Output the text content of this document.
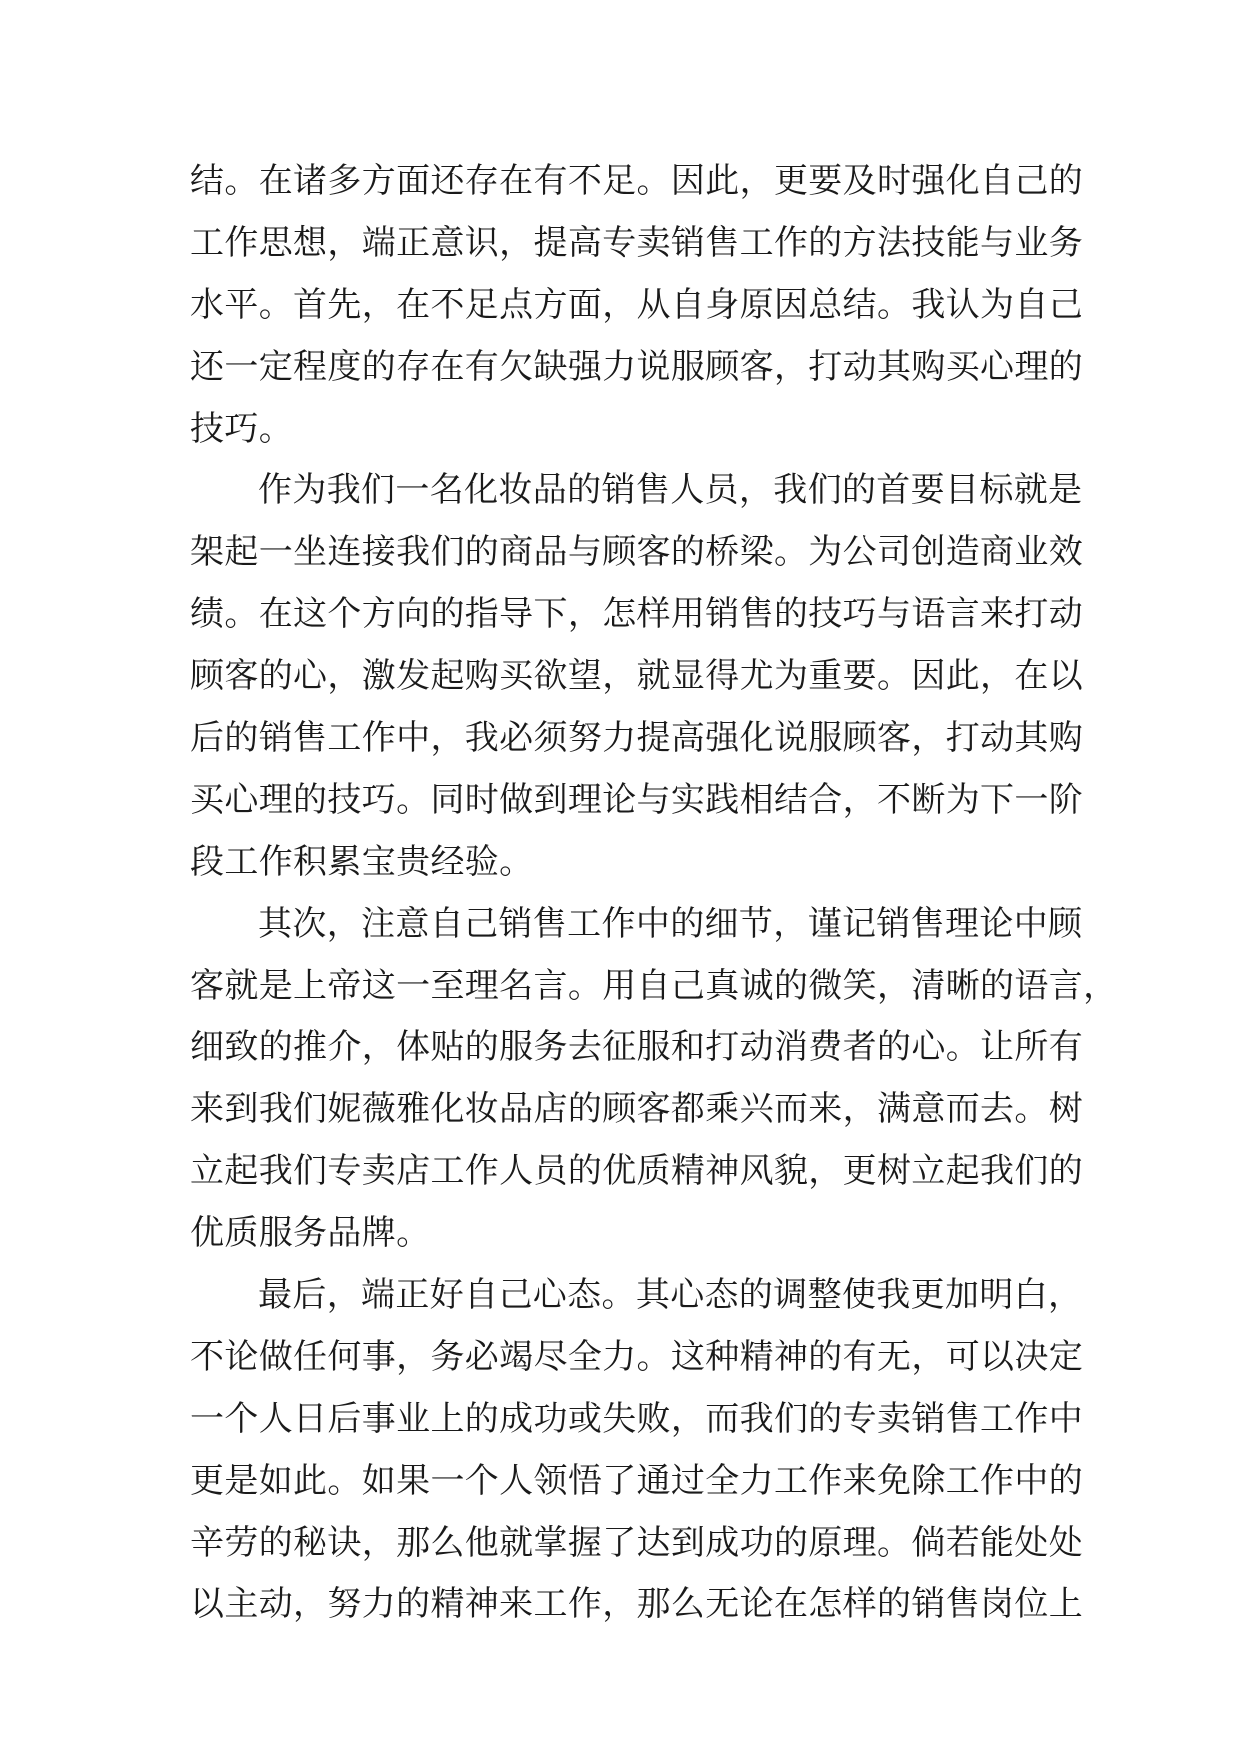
结。在诸多方面还存在有不足。因此，更要及时强化自己的
工作思想，端正意识，提高专卖销售工作的方法技能与业务
水平。首先，在不足点方面，从自身原因总结。我认为自己
还一定程度的存在有欠缺强力说服顾客，打动其购买心理的
技巧。
作为我们一名化妆品的销售人员，我们的首要目标就是
架起一坐连接我们的商品与顾客的桥梁。为公司创造商业效
绩。在这个方向的指导下，怎样用销售的技巧与语言来打动
顾客的心，激发起购买欲望，就显得尤为重要。因此，在以
后的销售工作中，我必须努力提高强化说服顾客，打动其购
买心理的技巧。同时做到理论与实践相结合，不断为下一阶
段工作积累宝贵经验。
其次，注意自己销售工作中的细节，谨记销售理论中顾
客就是上帝这一至理名言。用自己真诚的微笑，清晰的语言，
细致的推介，体贴的服务去征服和打动消费者的心。让所有
来到我们妮薇雅化妆品店的顾客都乘兴而来，满意而去。树
立起我们专卖店工作人员的优质精神风貌，更树立起我们的
优质服务品牌。
最后，端正好自己心态。其心态的调整使我更加明白，
不论做任何事，务必竭尽全力。这种精神的有无，可以决定
一个人日后事业上的成功或失败，而我们的专卖销售工作中
更是如此。如果一个人领悟了通过全力工作来免除工作中的
辛劳的秘诀，那么他就掌握了达到成功的原理。倘若能处处
以主动，努力的精神来工作，那么无论在怎样的销售岗位上
